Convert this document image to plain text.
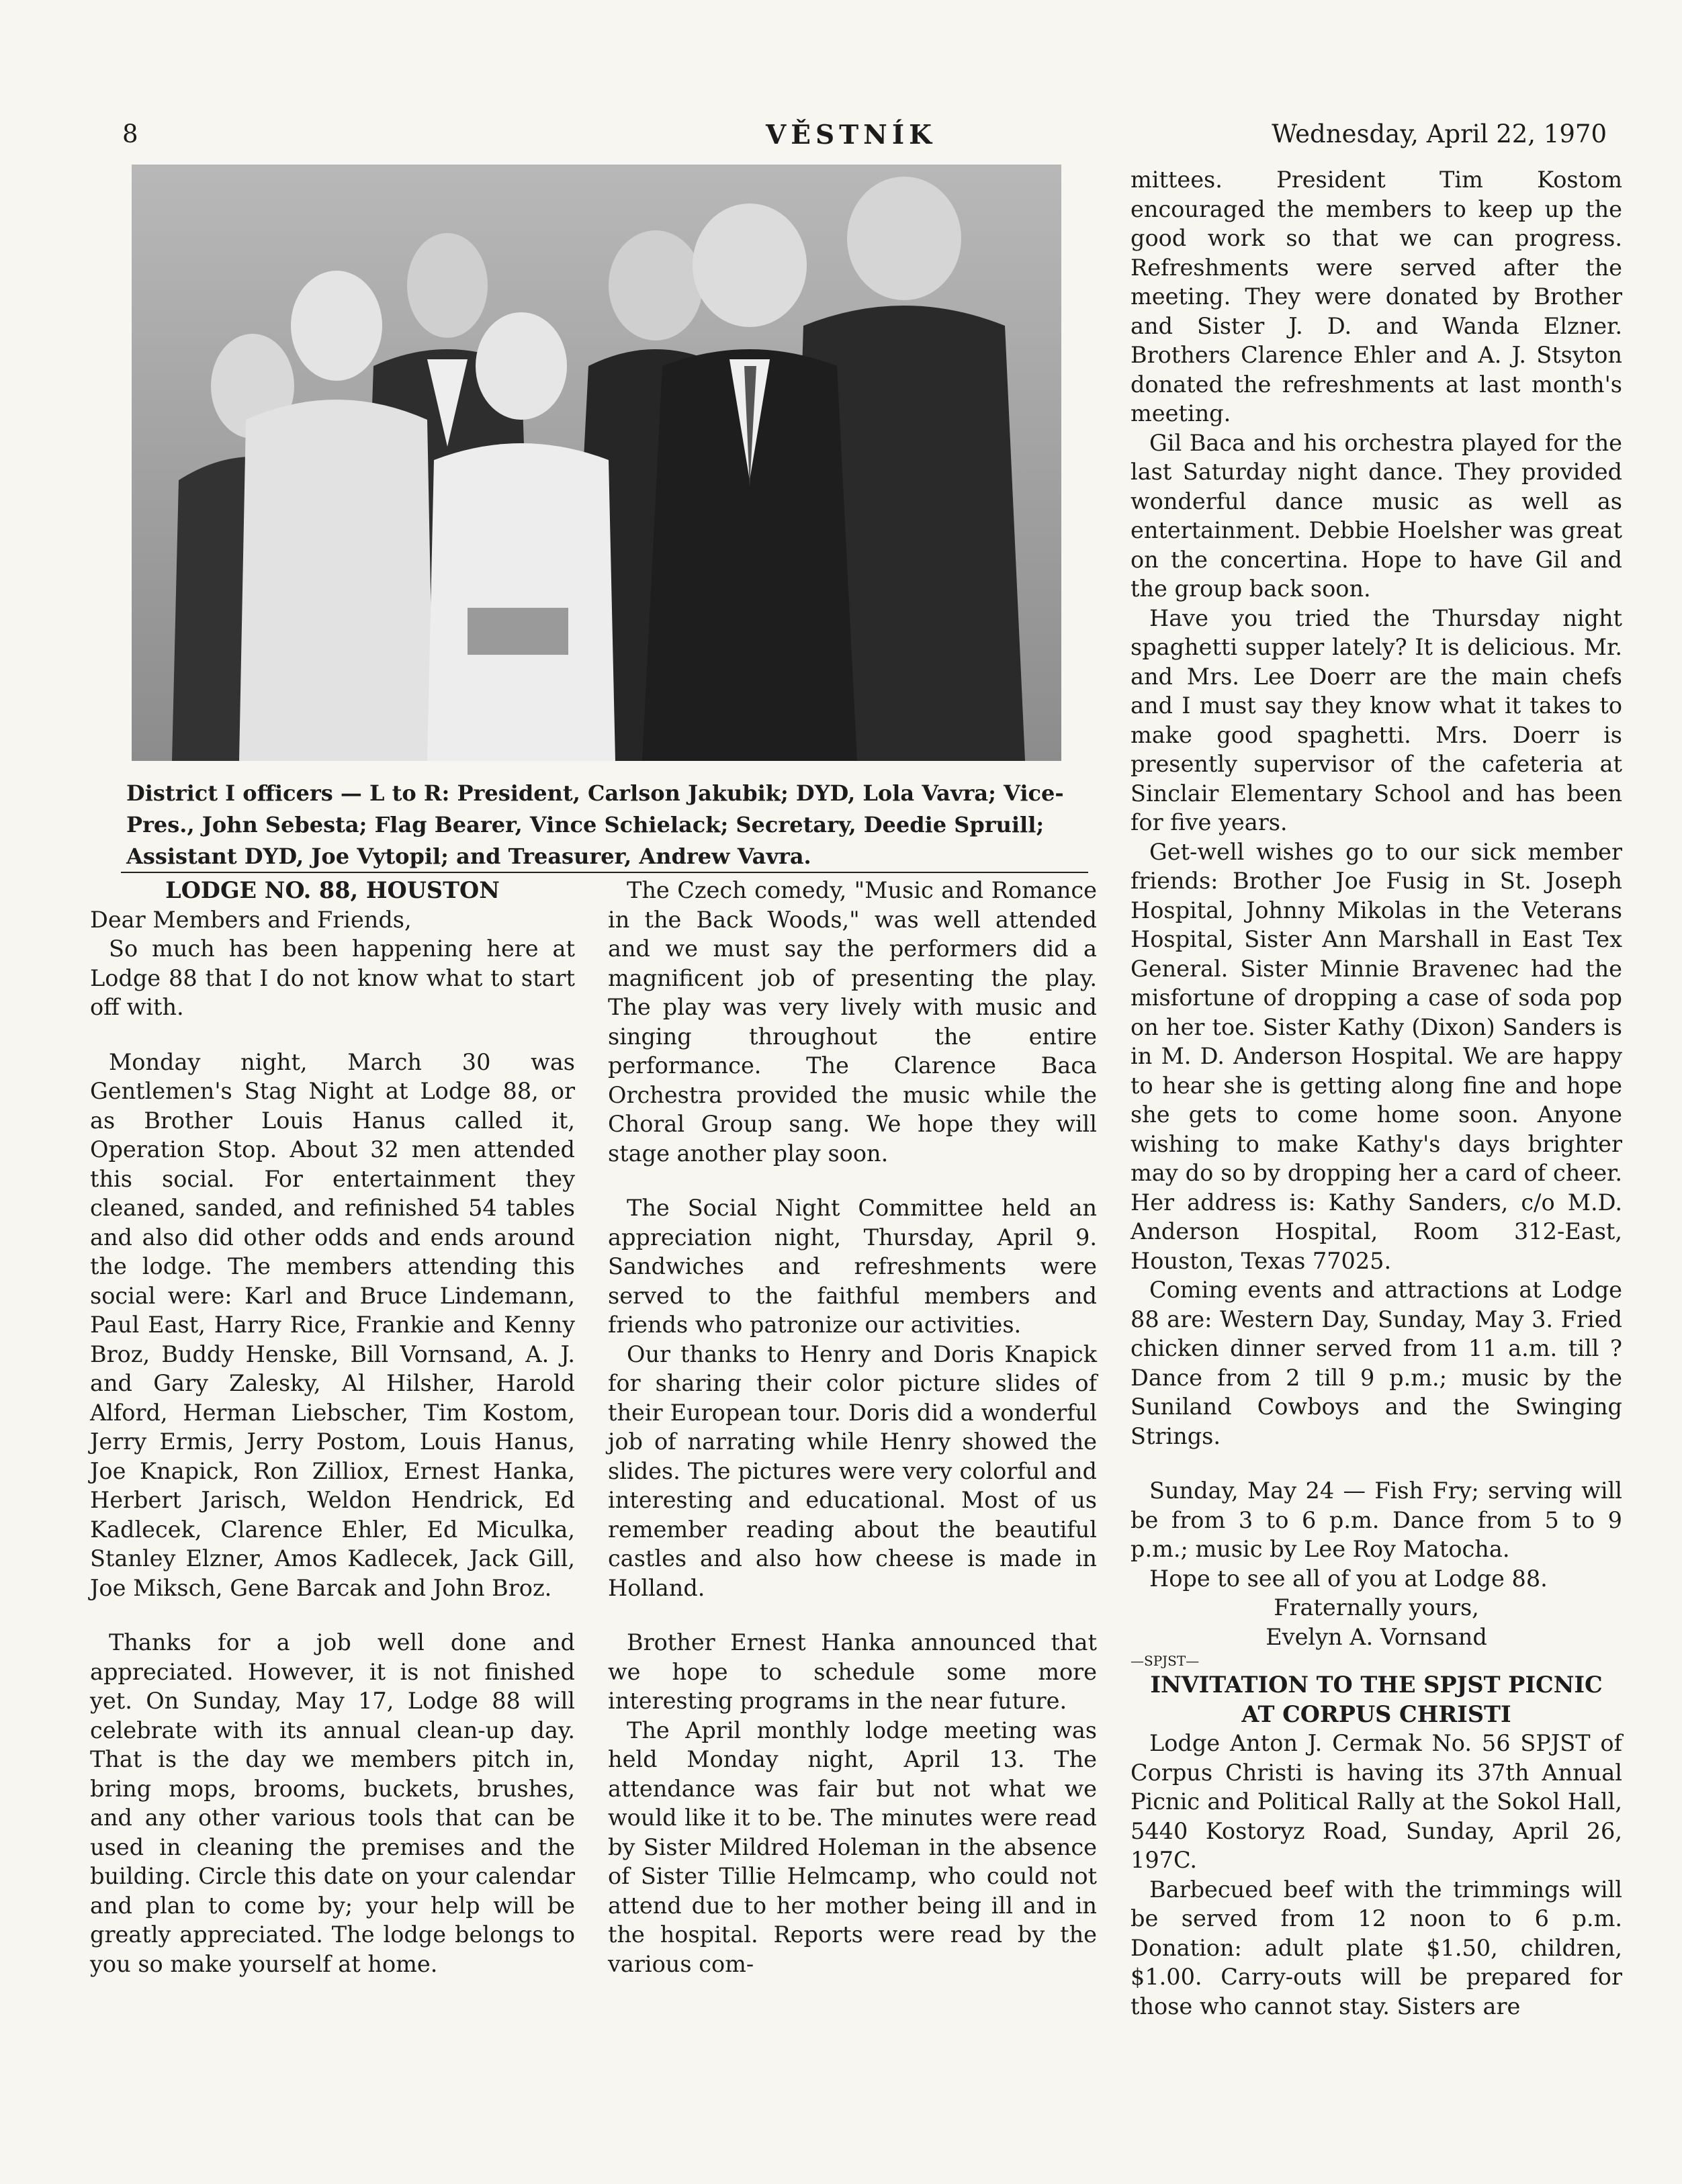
8	VĚSTNÍK	Wednesday, April 22, 1970
District I officers — L to R: President, Carlson Jakubik; DYD, Lola Vavra; Vice-Pres., John Sebesta; Flag Bearer, Vince Schielack; Secretary, Deedie Spruill; Assistant DYD, Joe Vytopil; and Treasurer, Andrew Vavra.

LODGE NO. 88, HOUSTON

Dear Members and Friends,

So much has been happening here at Lodge 88 that I do not know what to start off with.

Monday night, March 30 was Gentlemen's Stag Night at Lodge 88, or as Brother Louis Hanus called it, Operation Stop. About 32 men attended this social. For entertainment they cleaned, sanded, and refinished 54 tables and also did other odds and ends around the lodge. The members attending this social were: Karl and Bruce Lindemann, Paul East, Harry Rice, Frankie and Kenny Broz, Buddy Henske, Bill Vornsand, A. J. and Gary Zalesky, Al Hilsher, Harold Alford, Herman Liebscher, Tim Kostom, Jerry Ermis, Jerry Postom, Louis Hanus, Joe Knapick, Ron Zilliox, Ernest Hanka, Herbert Jarisch, Weldon Hendrick, Ed Kadlecek, Clarence Ehler, Ed Miculka, Stanley Elzner, Amos Kadlecek, Jack Gill, Joe Miksch, Gene Barcak and John Broz.

Thanks for a job well done and appreciated. However, it is not finished yet. On Sunday, May 17, Lodge 88 will celebrate with its annual clean-up day. That is the day we members pitch in, bring mops, brooms, buckets, brushes, and any other various tools that can be used in cleaning the premises and the building. Circle this date on your calendar and plan to come by; your help will be greatly appreciated. The lodge belongs to you so make yourself at home.

The Czech comedy, "Music and Romance in the Back Woods," was well attended and we must say the performers did a magnificent job of presenting the play. The play was very lively with music and singing throughout the entire performance. The Clarence Baca Orchestra provided the music while the Choral Group sang. We hope they will stage another play soon.

The Social Night Committee held an appreciation night, Thursday, April 9. Sandwiches and refreshments were served to the faithful members and friends who patronize our activities.

Our thanks to Henry and Doris Knapick for sharing their color picture slides of their European tour. Doris did a wonderful job of narrating while Henry showed the slides. The pictures were very colorful and interesting and educational. Most of us remember reading about the beautiful castles and also how cheese is made in Holland.

Brother Ernest Hanka announced that we hope to schedule some more interesting programs in the near future.

The April monthly lodge meeting was held Monday night, April 13. The attendance was fair but not what we would like it to be. The minutes were read by Sister Mildred Holeman in the absence of Sister Tillie Helmcamp, who could not attend due to her mother being ill and in the hospital. Reports were read by the various com-

mittees. President Tim Kostom encouraged the members to keep up the good work so that we can progress. Refreshments were served after the meeting. They were donated by Brother and Sister J. D. and Wanda Elzner. Brothers Clarence Ehler and A. J. Stsyton donated the refreshments at last month's meeting.

Gil Baca and his orchestra played for the last Saturday night dance. They provided wonderful dance music as well as entertainment. Debbie Hoelsher was great on the concertina. Hope to have Gil and the group back soon.

Have you tried the Thursday night spaghetti supper lately? It is delicious. Mr. and Mrs. Lee Doerr are the main chefs and I must say they know what it takes to make good spaghetti. Mrs. Doerr is presently supervisor of the cafeteria at Sinclair Elementary School and has been for five years.

Get-well wishes go to our sick member friends: Brother Joe Fusig in St. Joseph Hospital, Johnny Mikolas in the Veterans Hospital, Sister Ann Marshall in East Tex General. Sister Minnie Bravenec had the misfortune of dropping a case of soda pop on her toe. Sister Kathy (Dixon) Sanders is in M. D. Anderson Hospital. We are happy to hear she is getting along fine and hope she gets to come home soon. Anyone wishing to make Kathy's days brighter may do so by dropping her a card of cheer. Her address is: Kathy Sanders, c/o M.D. Anderson Hospital, Room 312-East, Houston, Texas 77025.

Coming events and attractions at Lodge 88 are: Western Day, Sunday, May 3. Fried chicken dinner served from 11 a.m. till ? Dance from 2 till 9 p.m.; music by the Suniland Cowboys and the Swinging Strings.

Sunday, May 24 — Fish Fry; serving will be from 3 to 6 p.m. Dance from 5 to 9 p.m.; music by Lee Roy Matocha.

Hope to see all of you at Lodge 88.

Fraternally yours,

Evelyn A. Vornsand

—SPJST—

INVITATION TO THE SPJST PICNIC

AT CORPUS CHRISTI

Lodge Anton J. Cermak No. 56 SPJST of Corpus Christi is having its 37th Annual Picnic and Political Rally at the Sokol Hall, 5440 Kostoryz Road, Sunday, April 26, 197C.

Barbecued beef with the trimmings will be served from 12 noon to 6 p.m. Donation: adult plate $1.50, children, $1.00. Carry-outs will be prepared for those who cannot stay. Sisters are
